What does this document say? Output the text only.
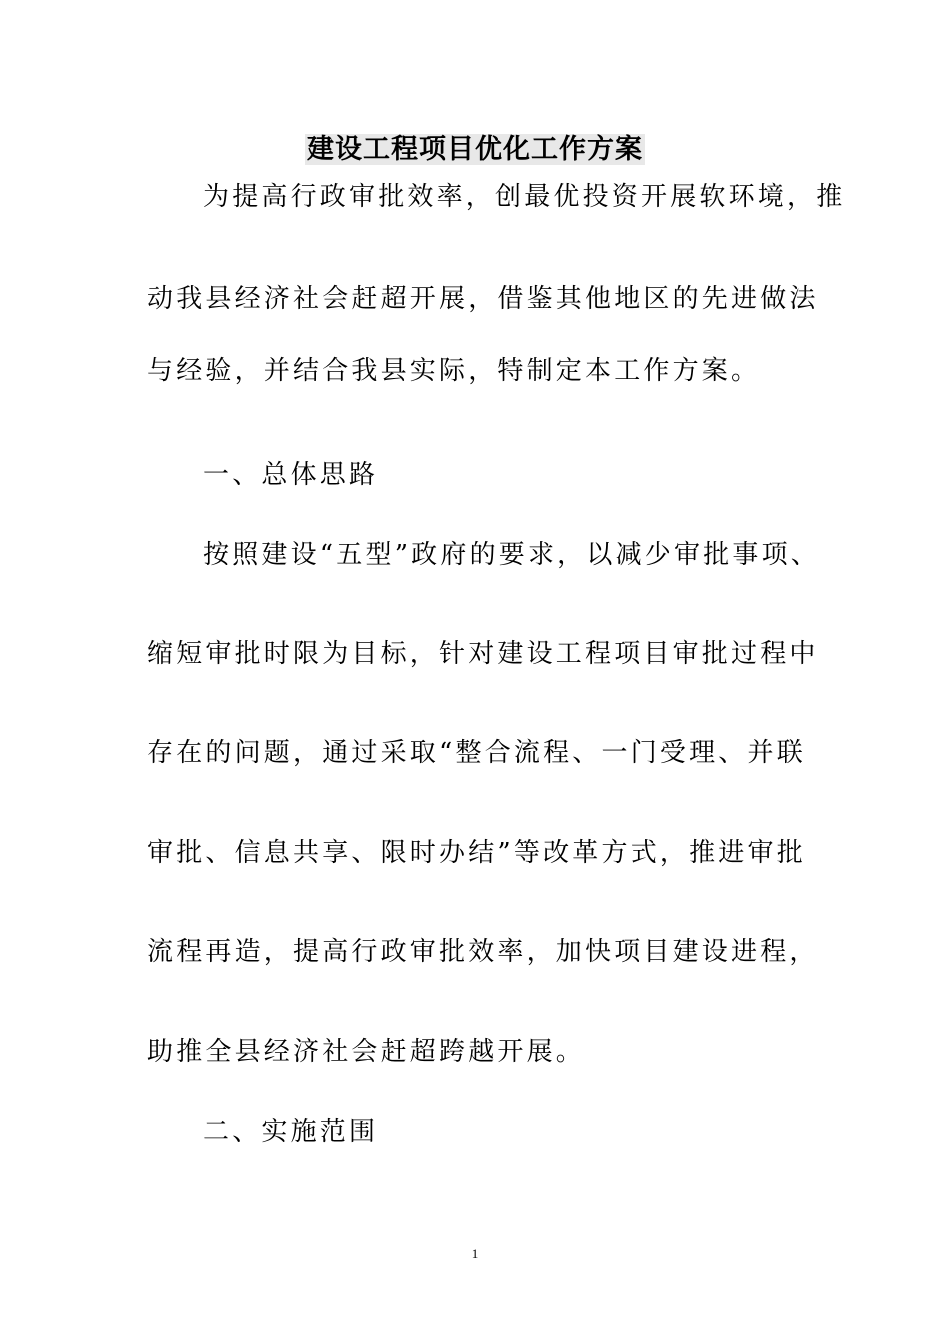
建设工程项目优化工作方案
为提高行政审批效率，创最优投资开展软环境，推
动我县经济社会赶超开展，借鉴其他地区的先进做法
与经验，并结合我县实际，特制定本工作方案。
一、总体思路
按照建设“五型”政府的要求，以减少审批事项、
缩短审批时限为目标，针对建设工程项目审批过程中
存在的问题，通过采取“整合流程、一门受理、并联
审批、信息共享、限时办结”等改革方式，推进审批
流程再造，提高行政审批效率，加快项目建设进程，
助推全县经济社会赶超跨越开展。
二、实施范围
1
